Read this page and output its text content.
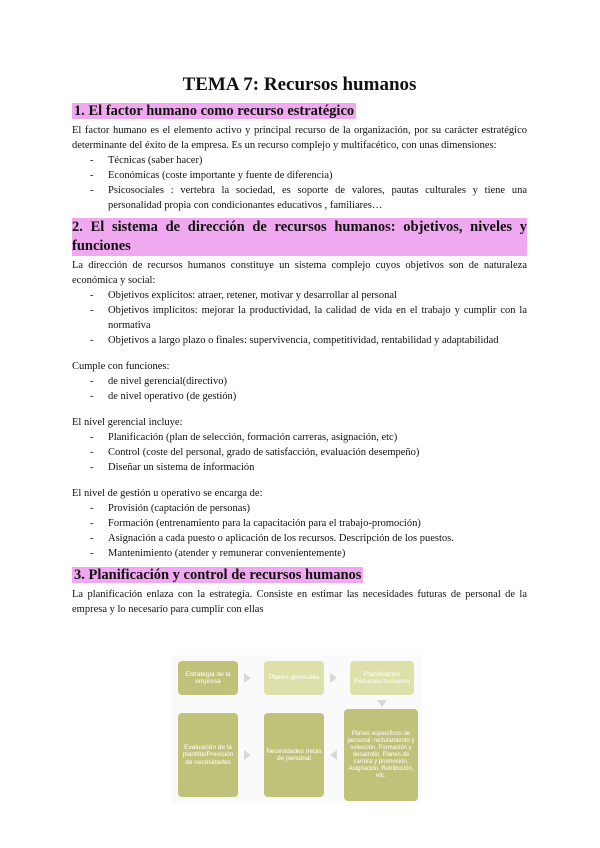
TEMA 7: Recursos humanos
1. El factor humano como recurso estratégico

El factor humano es el elemento activo y principal recurso de la organización, por su carácter estratégico determinante del éxito de la empresa. Es un recurso complejo y multifacético, con unas dimensiones:

- Técnicas (saber hacer)
- Económicas (coste importante y fuente de diferencia)
- Psicosociales : vertebra la sociedad, es soporte de valores, pautas culturales y tiene una personalidad propia con condicionantes educativos , familiares…
2. El sistema de dirección de recursos humanos: objetivos, niveles y funciones

La dirección de recursos humanos constituye un sistema complejo cuyos objetivos son de naturaleza económica y social:

- Objetivos explícitos: atraer, retener, motivar y desarrollar al personal
- Objetivos implícitos: mejorar la productividad, la calidad de vida en el trabajo y cumplir con la normativa
- Objetivos a largo plazo o finales: supervivencia, competitividad, rentabilidad y adaptabilidad

Cumple con funciones:

- de nivel gerencial(directivo)
- de nivel operativo (de gestión)

El nivel gerencial incluye:

- Planificación (plan de selección, formación carreras, asignación, etc)
- Control (coste del personal, grado de satisfacción, evaluación desempeño)
- Diseñar un sistema de información

El nivel de gestión u operativo se encarga de:

- Provisión (captación de personas)
- Formación (entrenamiento para la capacitación para el trabajo-promoción)
- Asignación a cada puesto o aplicación de los recursos. Descripción de los puestos.
- Mantenimiento (atender y remunerar convenientemente)
3. Planificación y control de recursos humanos

La planificación enlaza con la estrategia. Consiste en estimar las necesidades futuras de personal de la empresa y lo necesario para cumplir con ellas

Estrategia de la empresa
Planes generales
Planificación Recursos humanos
Evaluación de la plantilla/Previsión de necesidades
Necesidades netas de personal
Planes específicos de personal: reclutamiento y selección. Formación y desarrollo. Planes de carrera y promoción. Asignación. Retribución, etc.
